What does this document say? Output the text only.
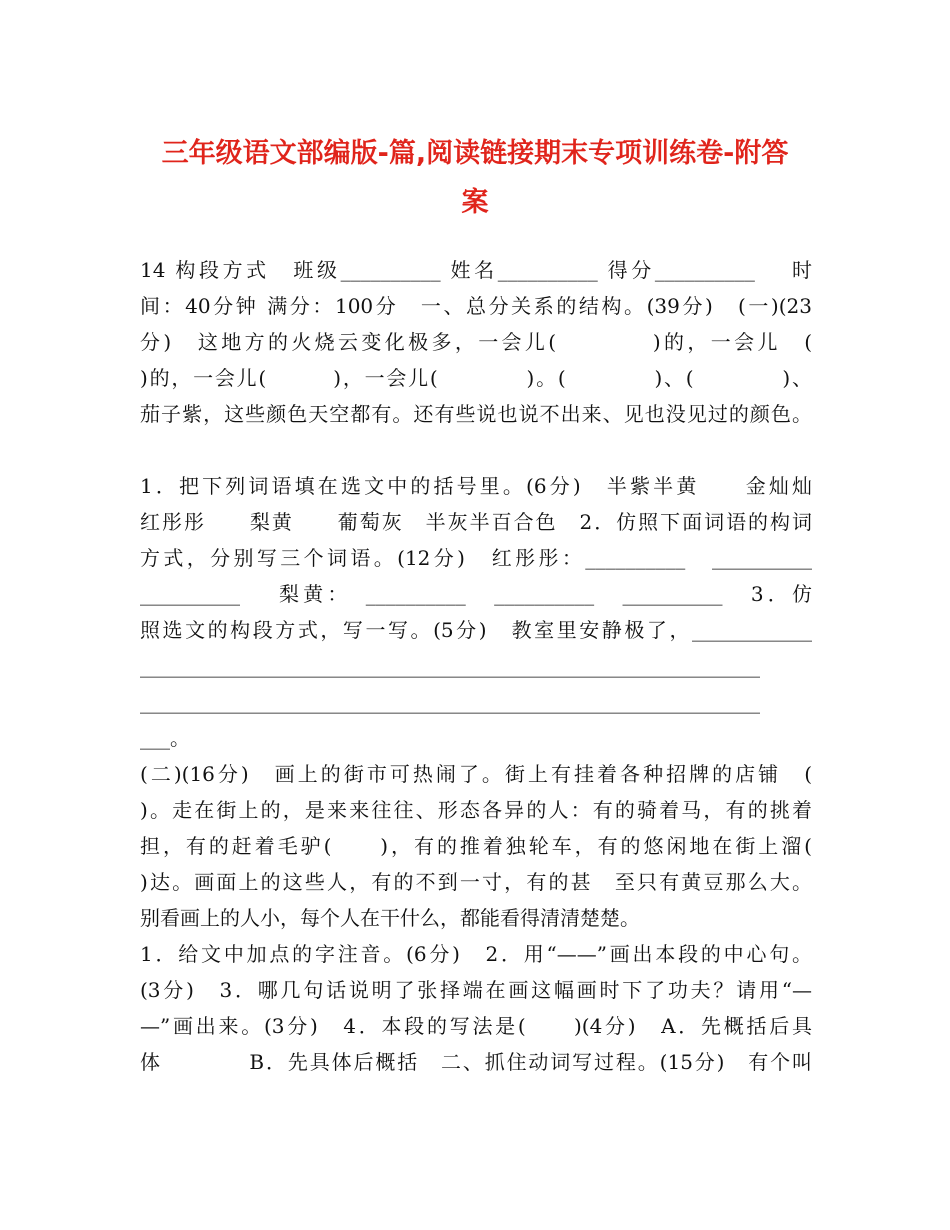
三年级语文部编版-篇,阅读链接期末专项训练卷-附答
案
14 构段方式　班级__________ 姓名__________ 得分__________　 时
间：40分钟 满分：100分　一、总分关系的结构。(39分)　(一)(23
分)　这地方的火烧云变化极多，一会儿(　　　　)的，一会儿　(
)的，一会儿(　　　)，一会儿(　　　　)。(　　　　)、(　　　　)、
茄子紫，这些颜色天空都有。还有些说也说不出来、见也没见过的颜色。
1．把下列词语填在选文中的括号里。(6分)　半紫半黄　　金灿灿
红彤彤　　梨黄　　葡萄灰　半灰半百合色　2．仿照下面词语的构词
方式，分别写三个词语。(12分)　红彤彤：__________　__________
__________　 梨黄：　__________　__________　__________　3．仿
照选文的构段方式，写一写。(5分)　教室里安静极了，____________
______________________________________________________________
______________________________________________________________
___。
(二)(16分)　画上的街市可热闹了。街上有挂着各种招牌的店铺　(
)。走在街上的，是来来往往、形态各异的人：有的骑着马，有的挑着
担，有的赶着毛驴(　　)，有的推着独轮车，有的悠闲地在街上溜(
)达。画面上的这些人，有的不到一寸，有的甚　至只有黄豆那么大。
别看画上的人小，每个人在干什么，都能看得清清楚楚。
1．给文中加点的字注音。(6分)　2．用“——”画出本段的中心句。
(3分)　3．哪几句话说明了张择端在画这幅画时下了功夫？请用“—
—”画出来。(3分)　4．本段的写法是(　　)(4分)　A．先概括后具
体　　　　B．先具体后概括　二、抓住动词写过程。(15分)　有个叫
